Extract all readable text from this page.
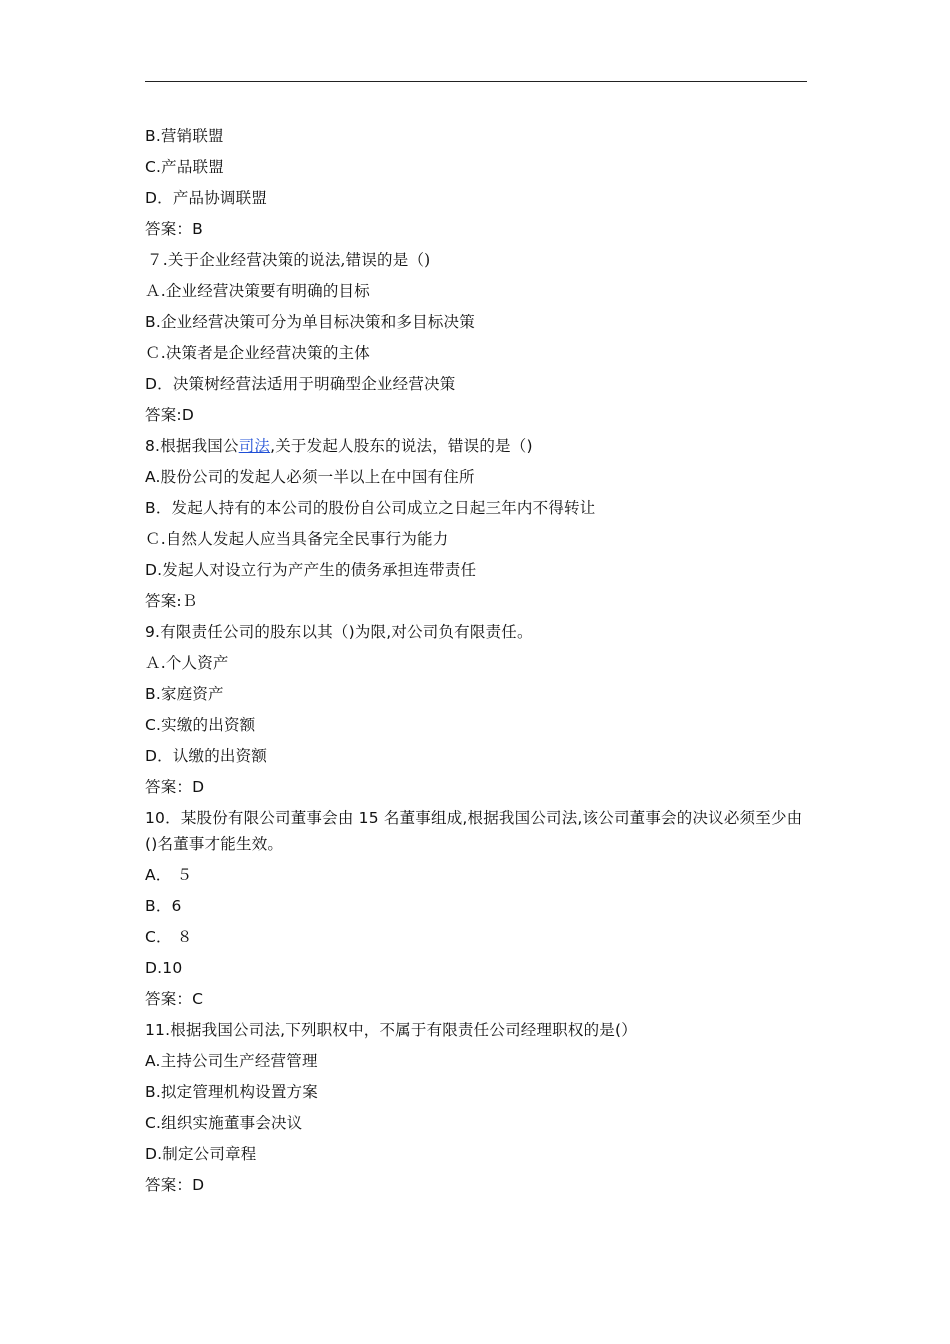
B.营销联盟
C.产品联盟
D．产品协调联盟
答案：B
７.关于企业经营决策的说法,错误的是（)
Ａ.企业经营决策要有明确的目标
B.企业经营决策可分为单目标决策和多目标决策
Ｃ.决策者是企业经营决策的主体
D．决策树经营法适用于明确型企业经营决策
答案:D
8.根据我国公司法,关于发起人股东的说法，错误的是（)
A.股份公司的发起人必须一半以上在中国有住所
B．发起人持有的本公司的股份自公司成立之日起三年内不得转让
Ｃ.自然人发起人应当具备完全民事行为能力
D.发起人对设立行为产产生的债务承担连带责任
答案:Ｂ
9.有限责任公司的股东以其（)为限,对公司负有限责任。
Ａ.个人资产
B.家庭资产
C.实缴的出资额
D．认缴的出资额
答案：D
10．某股份有限公司董事会由 15 名董事组成,根据我国公司法,该公司董事会的决议必须至少由()名董事才能生效。
A． ５
B．6
C． ８
D.10
答案：C
11.根据我国公司法,下列职权中，不属于有限责任公司经理职权的是(）
A.主持公司生产经营管理
B.拟定管理机构设置方案
C.组织实施董事会决议
D.制定公司章程
答案：D
